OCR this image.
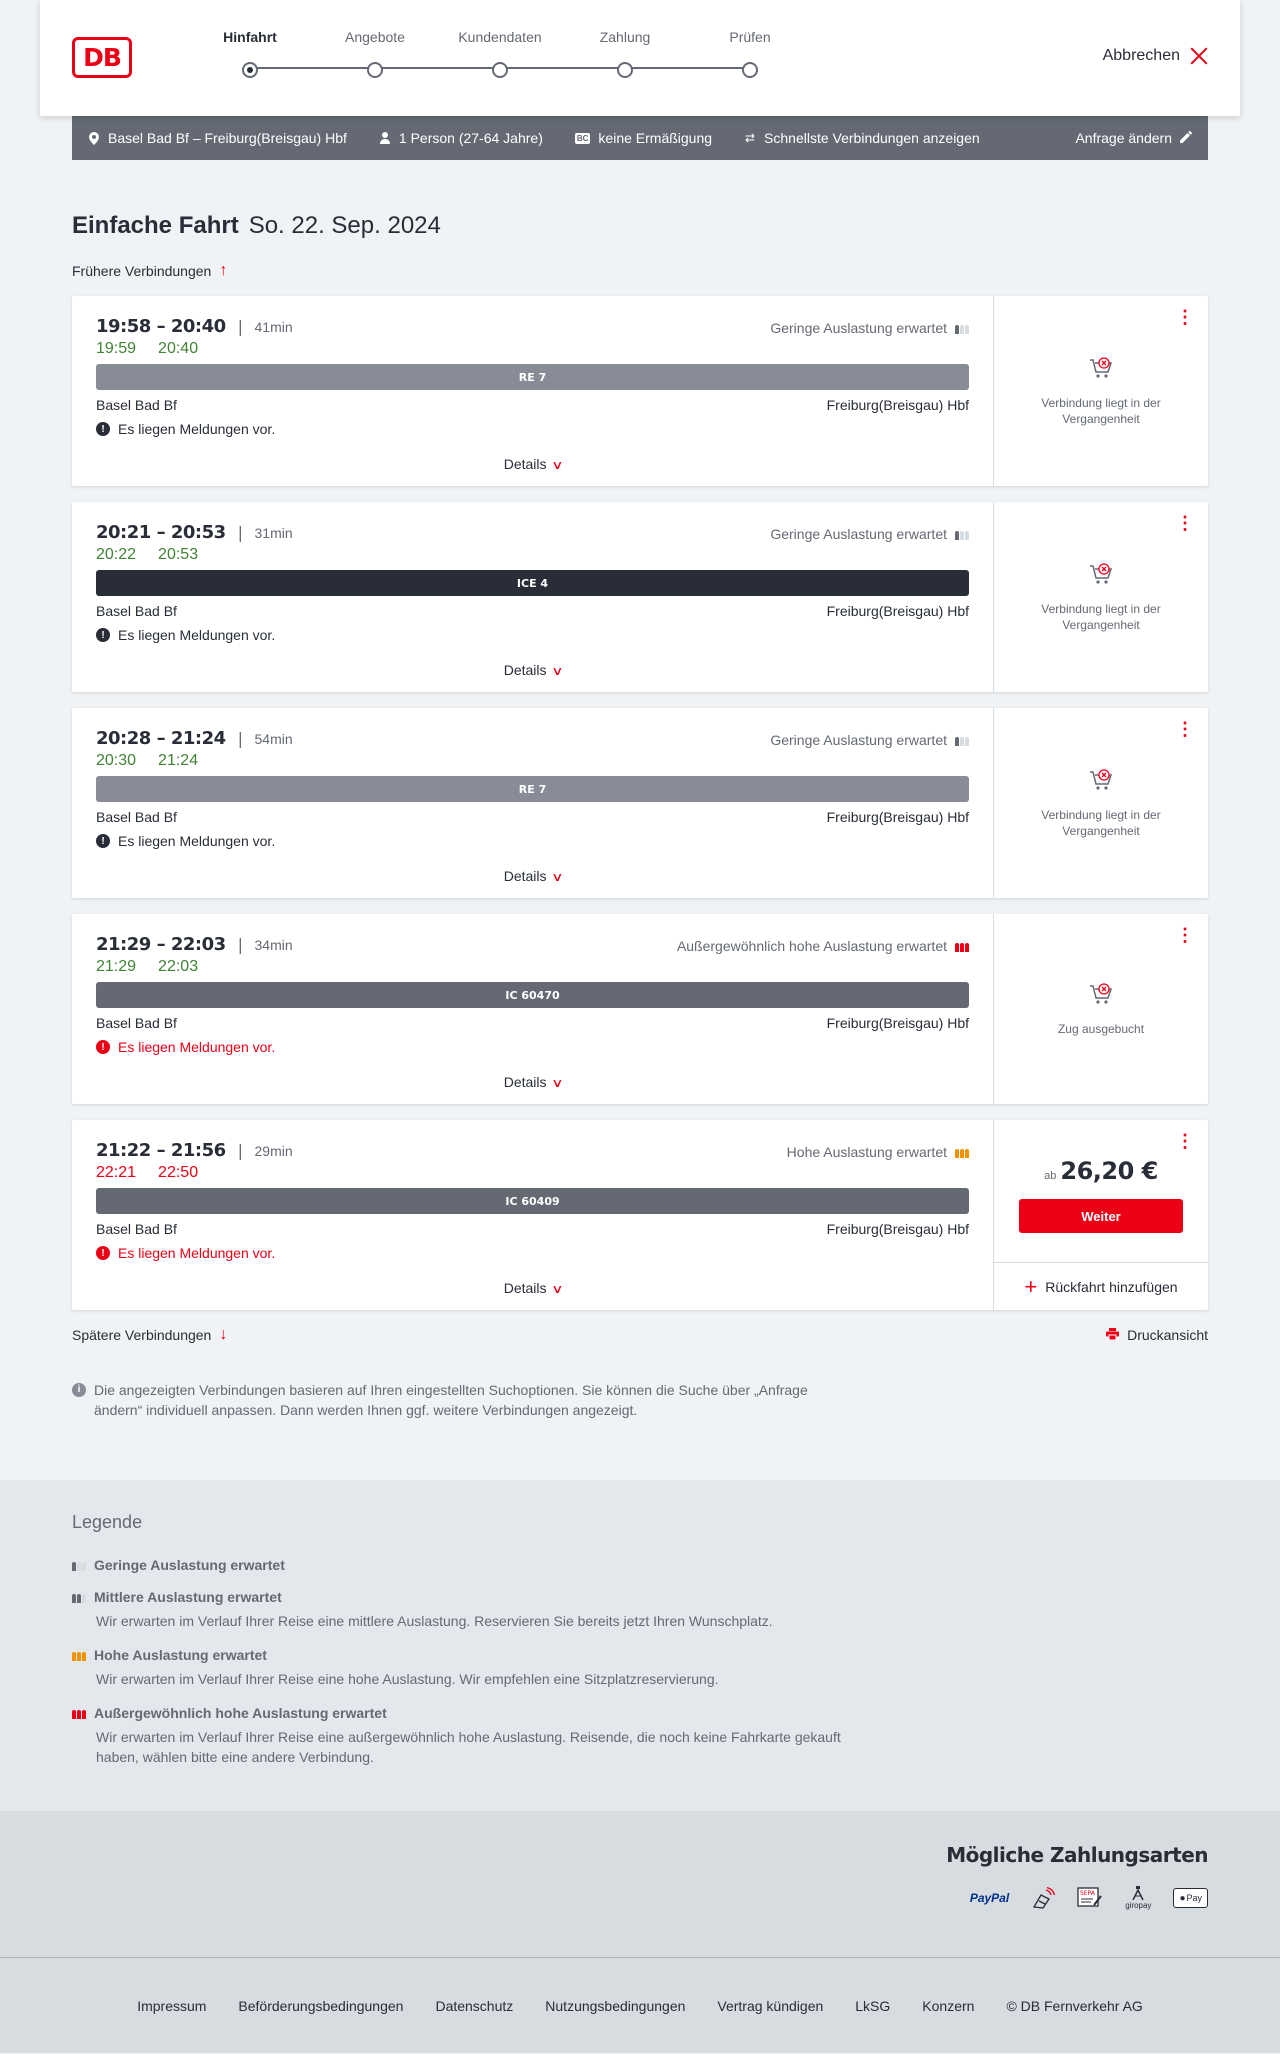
DB
Hinfahrt	Angebote	Kundendaten	Zahlung	Prüfen
Abbrechen
Basel Bad Bf – Freiburg(Breisgau) Hbf	1 Person (27-64 Jahre)	BC keine Ermäßigung	⇄ Schnellste Verbindungen anzeigen	Anfrage ändern
Einfache Fahrt So. 22. Sep. 2024
Frühere Verbindungen ↑
19:58 – 20:40 | 41min	Geringe Auslastung erwartet
19:59 20:40
RE 7
Basel Bad Bf	Freiburg(Breisgau) Hbf
! Es liegen Meldungen vor.
Details ∨
⋮
Verbindung liegt in der Vergangenheit
20:21 – 20:53 | 31min	Geringe Auslastung erwartet
20:22 20:53
ICE 4
Basel Bad Bf	Freiburg(Breisgau) Hbf
! Es liegen Meldungen vor.
Details ∨
⋮
Verbindung liegt in der Vergangenheit
20:28 – 21:24 | 54min	Geringe Auslastung erwartet
20:30 21:24
RE 7
Basel Bad Bf	Freiburg(Breisgau) Hbf
! Es liegen Meldungen vor.
Details ∨
⋮
Verbindung liegt in der Vergangenheit
21:29 – 22:03 | 34min	Außergewöhnlich hohe Auslastung erwartet
21:29 22:03
IC 60470
Basel Bad Bf	Freiburg(Breisgau) Hbf
! Es liegen Meldungen vor.
Details ∨
⋮
Zug ausgebucht
21:22 – 21:56 | 29min	Hohe Auslastung erwartet
22:21 22:50
IC 60409
Basel Bad Bf	Freiburg(Breisgau) Hbf
! Es liegen Meldungen vor.
Details ∨
⋮
ab 26,20 €
Weiter
+ Rückfahrt hinzufügen
Spätere Verbindungen ↓	Druckansicht
i Die angezeigten Verbindungen basieren auf Ihren eingestellten Suchoptionen. Sie können die Suche über „Anfrage ändern“ individuell anpassen. Dann werden Ihnen ggf. weitere Verbindungen angezeigt.
Legende
Geringe Auslastung erwartet
Mittlere Auslastung erwartet
Wir erwarten im Verlauf Ihrer Reise eine mittlere Auslastung. Reservieren Sie bereits jetzt Ihren Wunschplatz.
Hohe Auslastung erwartet
Wir erwarten im Verlauf Ihrer Reise eine hohe Auslastung. Wir empfehlen eine Sitzplatzreservierung.
Außergewöhnlich hohe Auslastung erwartet
Wir erwarten im Verlauf Ihrer Reise eine außergewöhnlich hohe Auslastung. Reisende, die noch keine Fahrkarte gekauft haben, wählen bitte eine andere Verbindung.
Mögliche Zahlungsarten
PayPal	SEPA
giropay
● Pay
Impressum Beförderungsbedingungen Datenschutz Nutzungsbedingungen Vertrag kündigen LkSG Konzern © DB Fernverkehr AG
